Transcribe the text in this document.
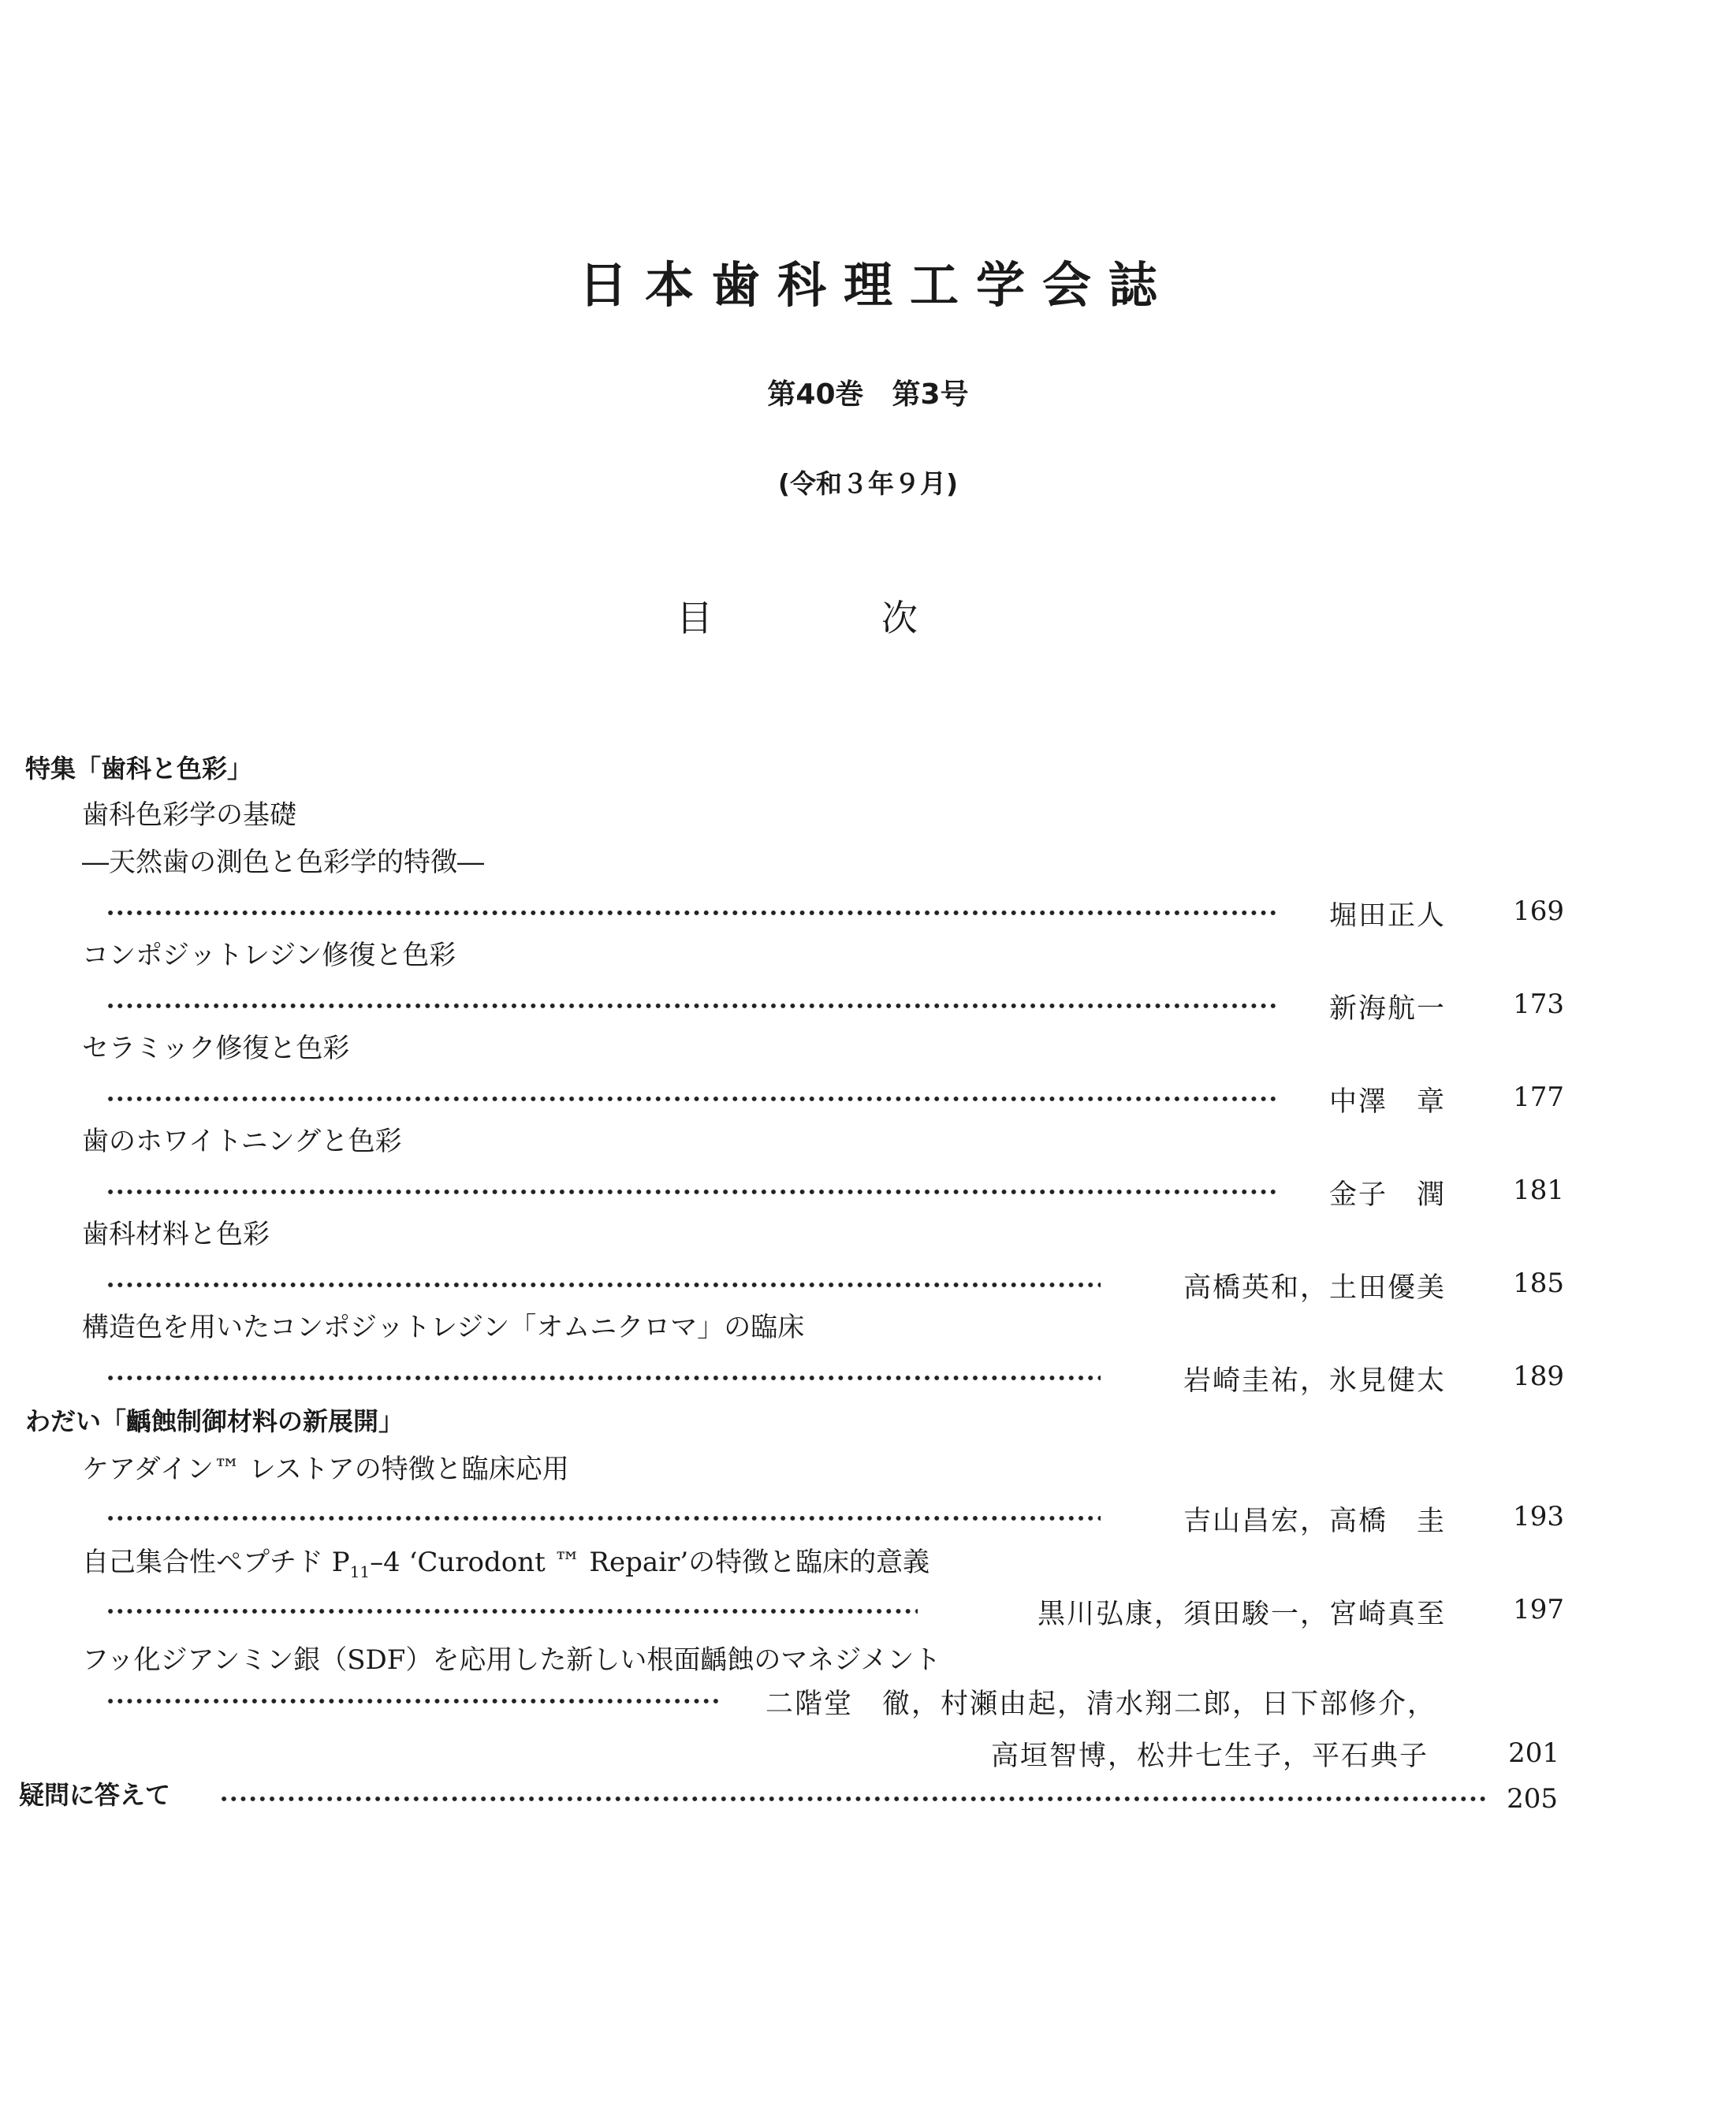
日本歯科理工学会誌
第40巻　第3号
(令和３年９月)
目	次
特集「歯科と色彩」
歯科色彩学の基礎
―天然歯の測色と色彩学的特徴―
堀田正人	169
コンポジットレジン修復と色彩
新海航一	173
セラミック修復と色彩
中澤　章	177
歯のホワイトニングと色彩
金子　潤	181
歯科材料と色彩
高橋英和，土田優美	185
構造色を用いたコンポジットレジン「オムニクロマ」の臨床
岩崎圭祐，氷見健太	189
わだい「齲蝕制御材料の新展開」
ケアダイン™ レストアの特徴と臨床応用
吉山昌宏，高橋　圭	193
自己集合性ペプチド $P_{11}-4$ ‘Curodont ™ Repair’の特徴と臨床的意義
黒川弘康，須田駿一，宮崎真至	197
フッ化ジアンミン銀（SDF）を応用した新しい根面齲蝕のマネジメント
二階堂　徹，村瀬由起，清水翔二郎，日下部修介，
高垣智博，松井七生子，平石典子	201
疑問に答えて	205
